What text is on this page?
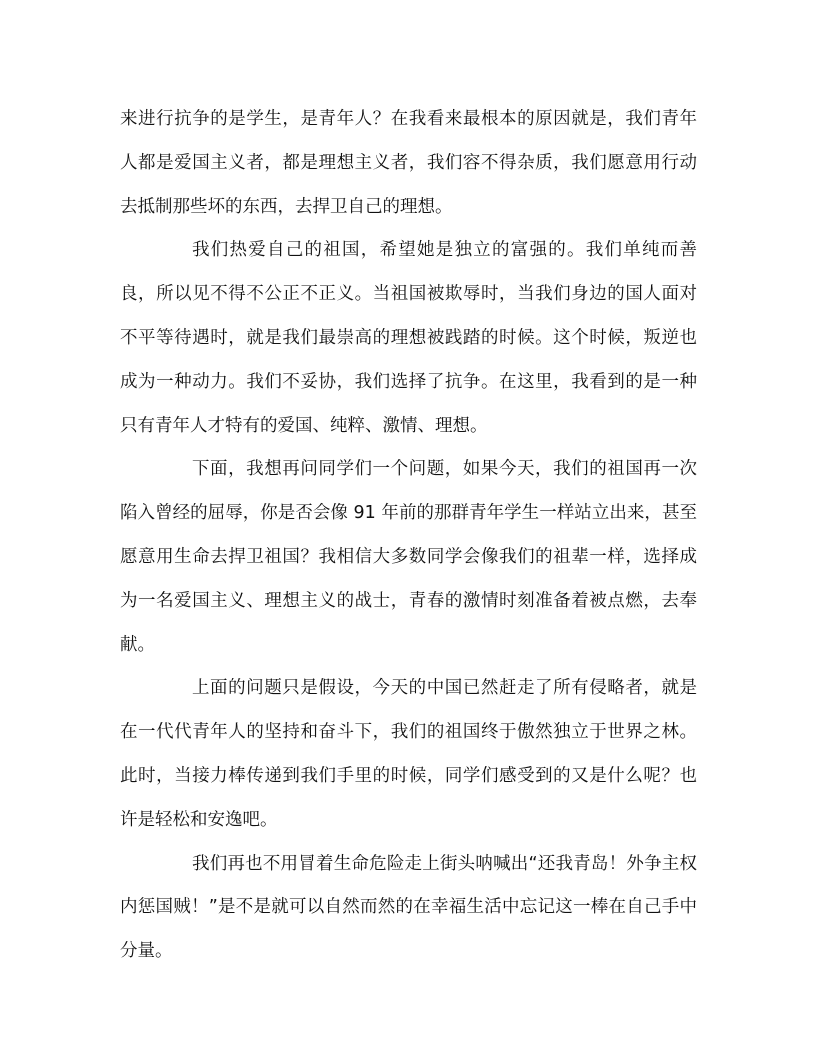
来进行抗争的是学生，是青年人？在我看来最根本的原因就是，我们青年人都是爱国主义者，都是理想主义者，我们容不得杂质，我们愿意用行动去抵制那些坏的东西，去捍卫自己的理想。

我们热爱自己的祖国，希望她是独立的富强的。我们单纯而善良，所以见不得不公正不正义。当祖国被欺辱时，当我们身边的国人面对不平等待遇时，就是我们最崇高的理想被践踏的时候。这个时候，叛逆也成为一种动力。我们不妥协，我们选择了抗争。在这里，我看到的是一种只有青年人才特有的爱国、纯粹、激情、理想。

下面，我想再问同学们一个问题，如果今天，我们的祖国再一次陷入曾经的屈辱，你是否会像 91 年前的那群青年学生一样站立出来，甚至愿意用生命去捍卫祖国？我相信大多数同学会像我们的祖辈一样，选择成为一名爱国主义、理想主义的战士，青春的激情时刻准备着被点燃，去奉献。

上面的问题只是假设，今天的中国已然赶走了所有侵略者，就是在一代代青年人的坚持和奋斗下，我们的祖国终于傲然独立于世界之林。此时，当接力棒传递到我们手里的时候，同学们感受到的又是什么呢？也许是轻松和安逸吧。

我们再也不用冒着生命危险走上街头呐喊出“还我青岛！外争主权内惩国贼！”是不是就可以自然而然的在幸福生活中忘记这一棒在自己手中分量。
